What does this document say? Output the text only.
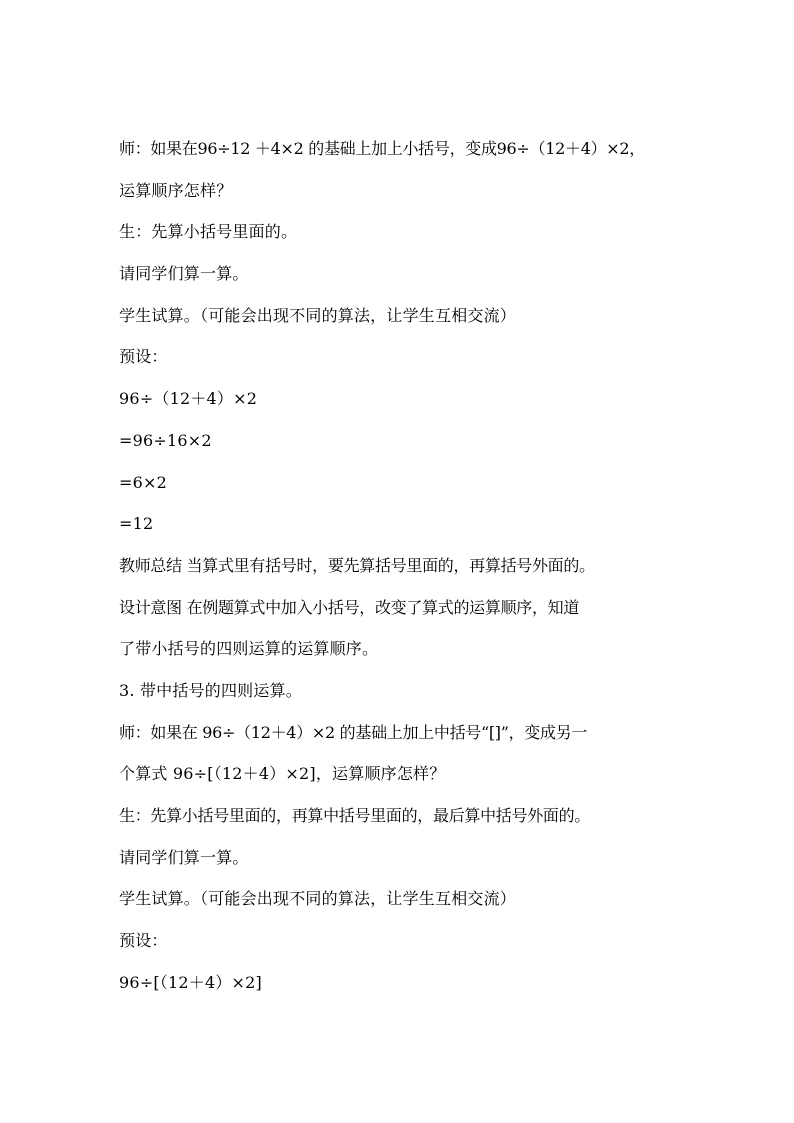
师：如果在96÷12 ＋4×2 的基础上加上小括号，变成96÷（12＋4）×2，
运算顺序怎样？
生：先算小括号里面的。
请同学们算一算。
学生试算。（可能会出现不同的算法，让学生互相交流）
预设：
96÷（12＋4）×2
=96÷16×2
=6×2
=12
教师总结 当算式里有括号时，要先算括号里面的，再算括号外面的。
设计意图 在例题算式中加入小括号，改变了算式的运算顺序，知道
了带小括号的四则运算的运算顺序。
3. 带中括号的四则运算。
师：如果在 96÷（12＋4）×2 的基础上加上中括号“[]”，变成另一
个算式 96÷[（12＋4）×2]，运算顺序怎样？
生：先算小括号里面的，再算中括号里面的，最后算中括号外面的。
请同学们算一算。
学生试算。（可能会出现不同的算法，让学生互相交流）
预设：
96÷[（12＋4）×2]
